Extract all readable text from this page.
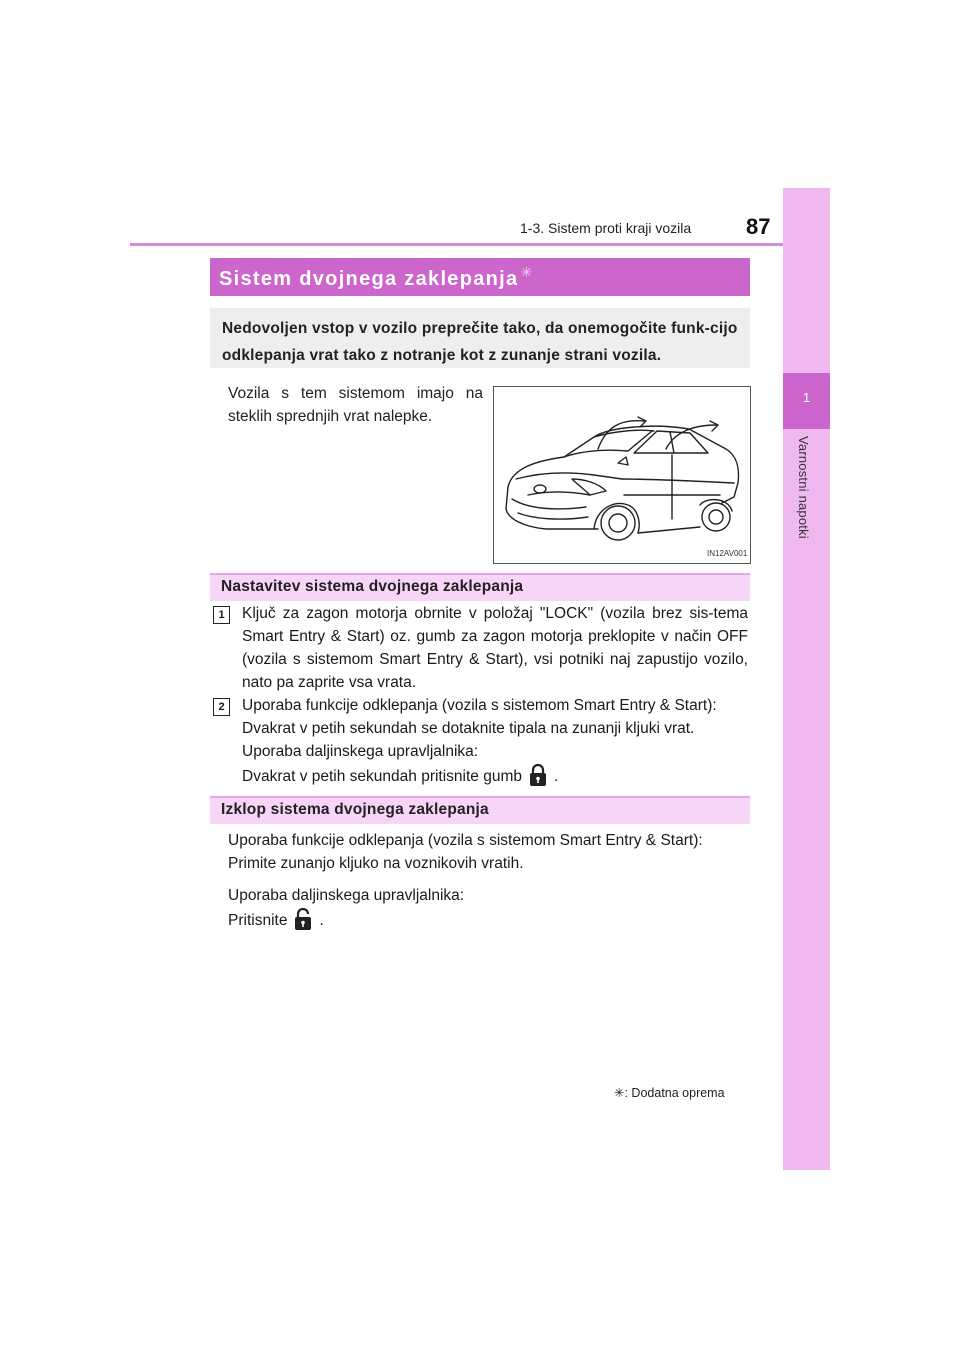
1-3. Sistem proti kraji vozila 87
1
Varnostni napotki
Sistem dvojnega zaklepanja ✳
Nedovoljen vstop v vozilo preprečite tako, da onemogočite funk-cijo odklepanja vrat tako z notranje kot z zunanje strani vozila.
Vozila s tem sistemom imajo na steklih sprednjih vrat nalepke.
IN12AV001
Nastavitev sistema dvojnega zaklepanja
1	Ključ za zagon motorja obrnite v položaj "LOCK" (vozila brez sis-tema Smart Entry & Start) oz. gumb za zagon motorja preklopite v način OFF (vozila s sistemom Smart Entry & Start), vsi potniki naj zapustijo vozilo, nato pa zaprite vsa vrata.
2	Uporaba funkcije odklepanja (vozila s sistemom Smart Entry & Start):
Dvakrat v petih sekundah se dotaknite tipala na zunanji kljuki vrat.
Uporaba daljinskega upravljalnika:
Dvakrat v petih sekundah pritisnite gumb .
Izklop sistema dvojnega zaklepanja
Uporaba funkcije odklepanja (vozila s sistemom Smart Entry & Start):
Primite zunanjo kljuko na voznikovih vratih.
Uporaba daljinskega upravljalnika:
Pritisnite .
✳: Dodatna oprema
